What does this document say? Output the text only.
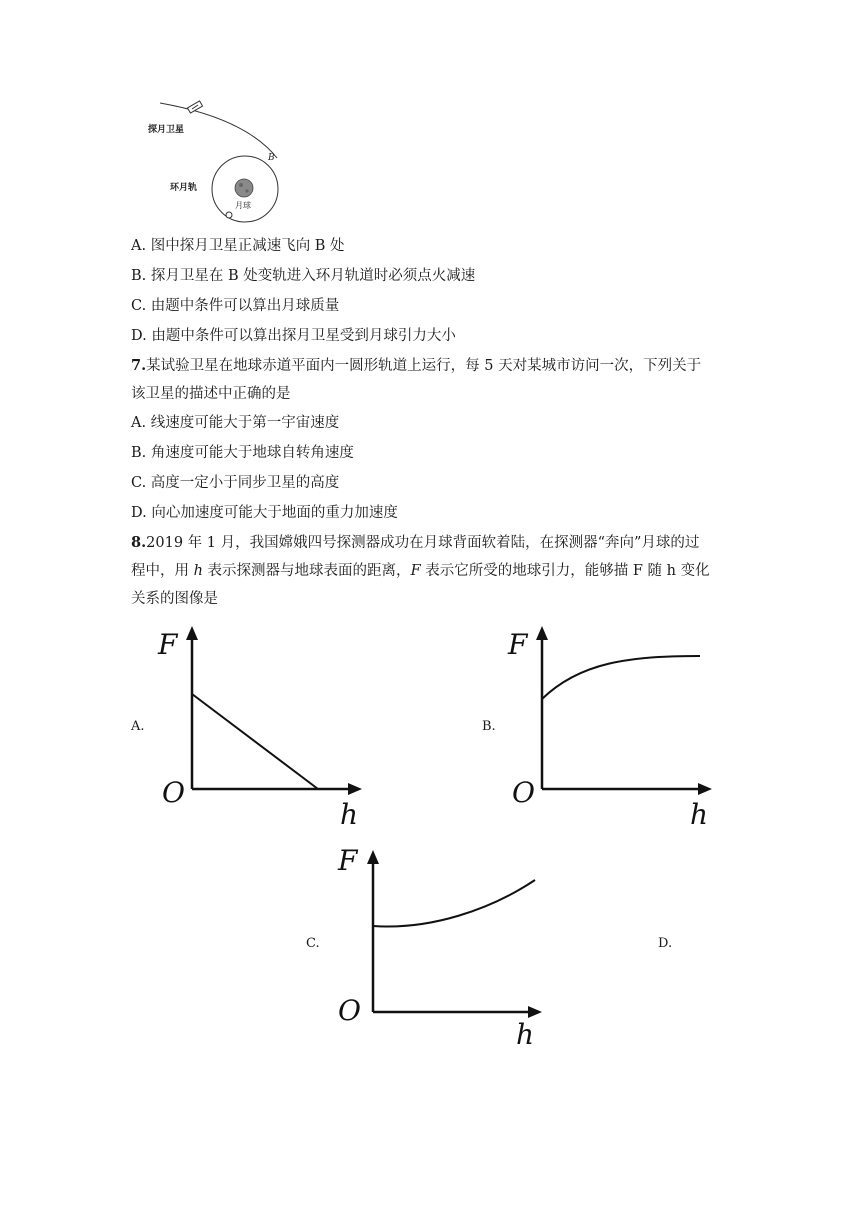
探月卫星
B
环月轨
月球
A. 图中探月卫星正减速飞向 B 处
B. 探月卫星在 B 处变轨进入环月轨道时必须点火减速
C. 由题中条件可以算出月球质量
D. 由题中条件可以算出探月卫星受到月球引力大小
7.某试验卫星在地球赤道平面内一圆形轨道上运行，每 5 天对某城市访问一次，下列关于
该卫星的描述中正确的是
A. 线速度可能大于第一宇宙速度
B. 角速度可能大于地球自转角速度
C. 高度一定小于同步卫星的高度
D. 向心加速度可能大于地面的重力加速度
8.2019 年 1 月，我国嫦娥四号探测器成功在月球背面软着陆，在探测器“奔向”月球的过
程中，用 h 表示探测器与地球表面的距离，F 表示它所受的地球引力，能够描 F 随 h 变化
关系的图像是
A.	B.
C.	D.
F
O
h
F
O
h
F
O
h
